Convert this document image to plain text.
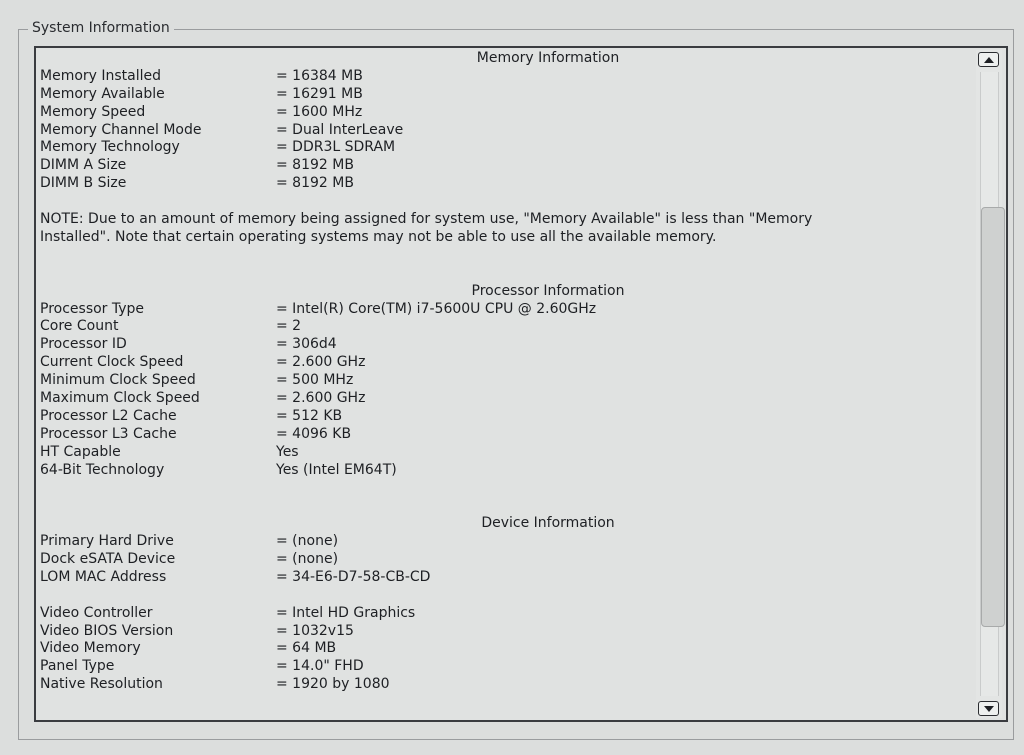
System Information
Memory Information
Memory Installed	= 16384 MB
Memory Available	= 16291 MB
Memory Speed	= 1600 MHz
Memory Channel Mode	= Dual InterLeave
Memory Technology	= DDR3L SDRAM
DIMM A Size	= 8192 MB
DIMM B Size	= 8192 MB
NOTE: Due to an amount of memory being assigned for system use, "Memory Available" is less than "Memory Installed". Note that certain operating systems may not be able to use all the available memory.
Processor Information
Processor Type	= Intel(R) Core(TM) i7-5600U CPU @ 2.60GHz
Core Count	= 2
Processor ID	= 306d4
Current Clock Speed	= 2.600 GHz
Minimum Clock Speed	= 500 MHz
Maximum Clock Speed	= 2.600 GHz
Processor L2 Cache	= 512 KB
Processor L3 Cache	= 4096 KB
HT Capable	Yes
64-Bit Technology	Yes (Intel EM64T)
Device Information
Primary Hard Drive	= (none)
Dock eSATA Device	= (none)
LOM MAC Address	= 34-E6-D7-58-CB-CD
Video Controller	= Intel HD Graphics
Video BIOS Version	= 1032v15
Video Memory	= 64 MB
Panel Type	= 14.0" FHD
Native Resolution	= 1920 by 1080
